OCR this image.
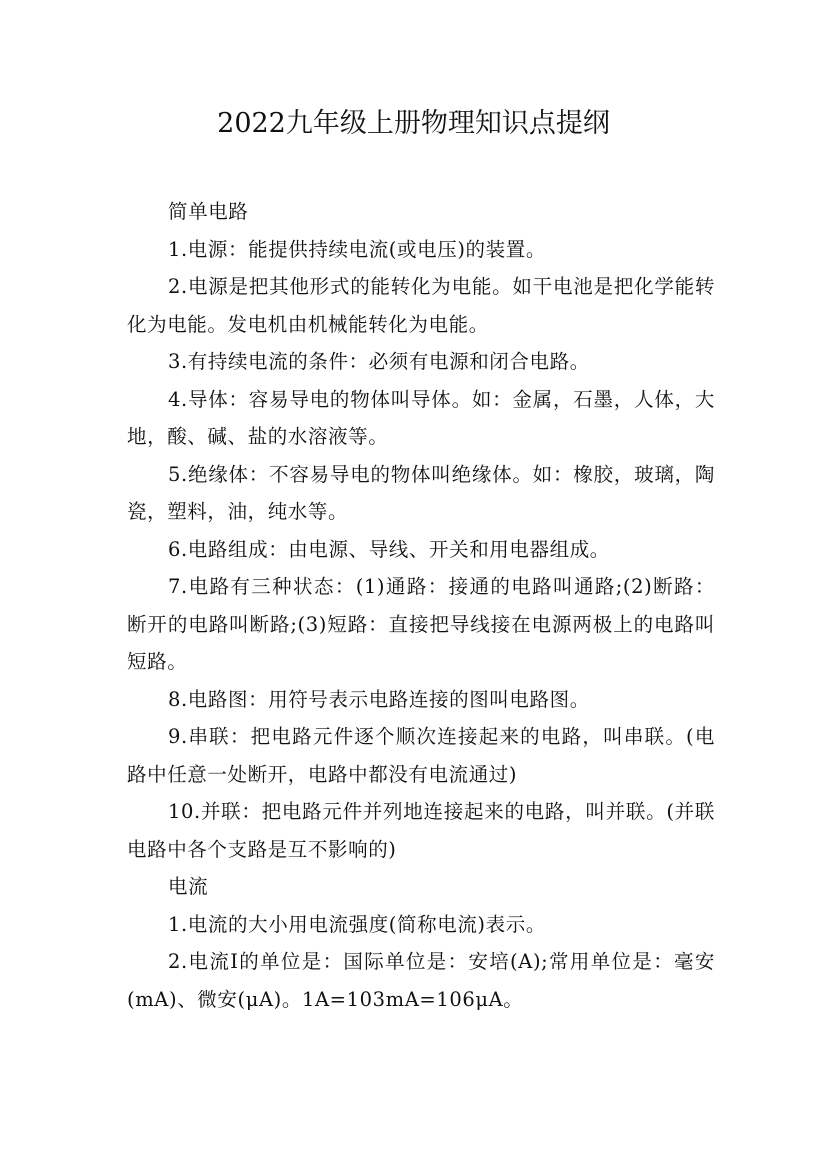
2022九年级上册物理知识点提纲

简单电路

1.电源：能提供持续电流(或电压)的装置。

2.电源是把其他形式的能转化为电能。如干电池是把化学能转化为电能。发电机由机械能转化为电能。

3.有持续电流的条件：必须有电源和闭合电路。

4.导体：容易导电的物体叫导体。如：金属，石墨，人体，大地，酸、碱、盐的水溶液等。

5.绝缘体：不容易导电的物体叫绝缘体。如：橡胶，玻璃，陶瓷，塑料，油，纯水等。

6.电路组成：由电源、导线、开关和用电器组成。

7.电路有三种状态：(1)通路：接通的电路叫通路;(2)断路：断开的电路叫断路;(3)短路：直接把导线接在电源两极上的电路叫短路。

8.电路图：用符号表示电路连接的图叫电路图。

9.串联：把电路元件逐个顺次连接起来的电路，叫串联。(电路中任意一处断开，电路中都没有电流通过)

10.并联：把电路元件并列地连接起来的电路，叫并联。(并联电路中各个支路是互不影响的)

电流

1.电流的大小用电流强度(简称电流)表示。

2.电流I的单位是：国际单位是：安培(A);常用单位是：毫安(mA)、微安(μA)。1A=103mA=106μA。
